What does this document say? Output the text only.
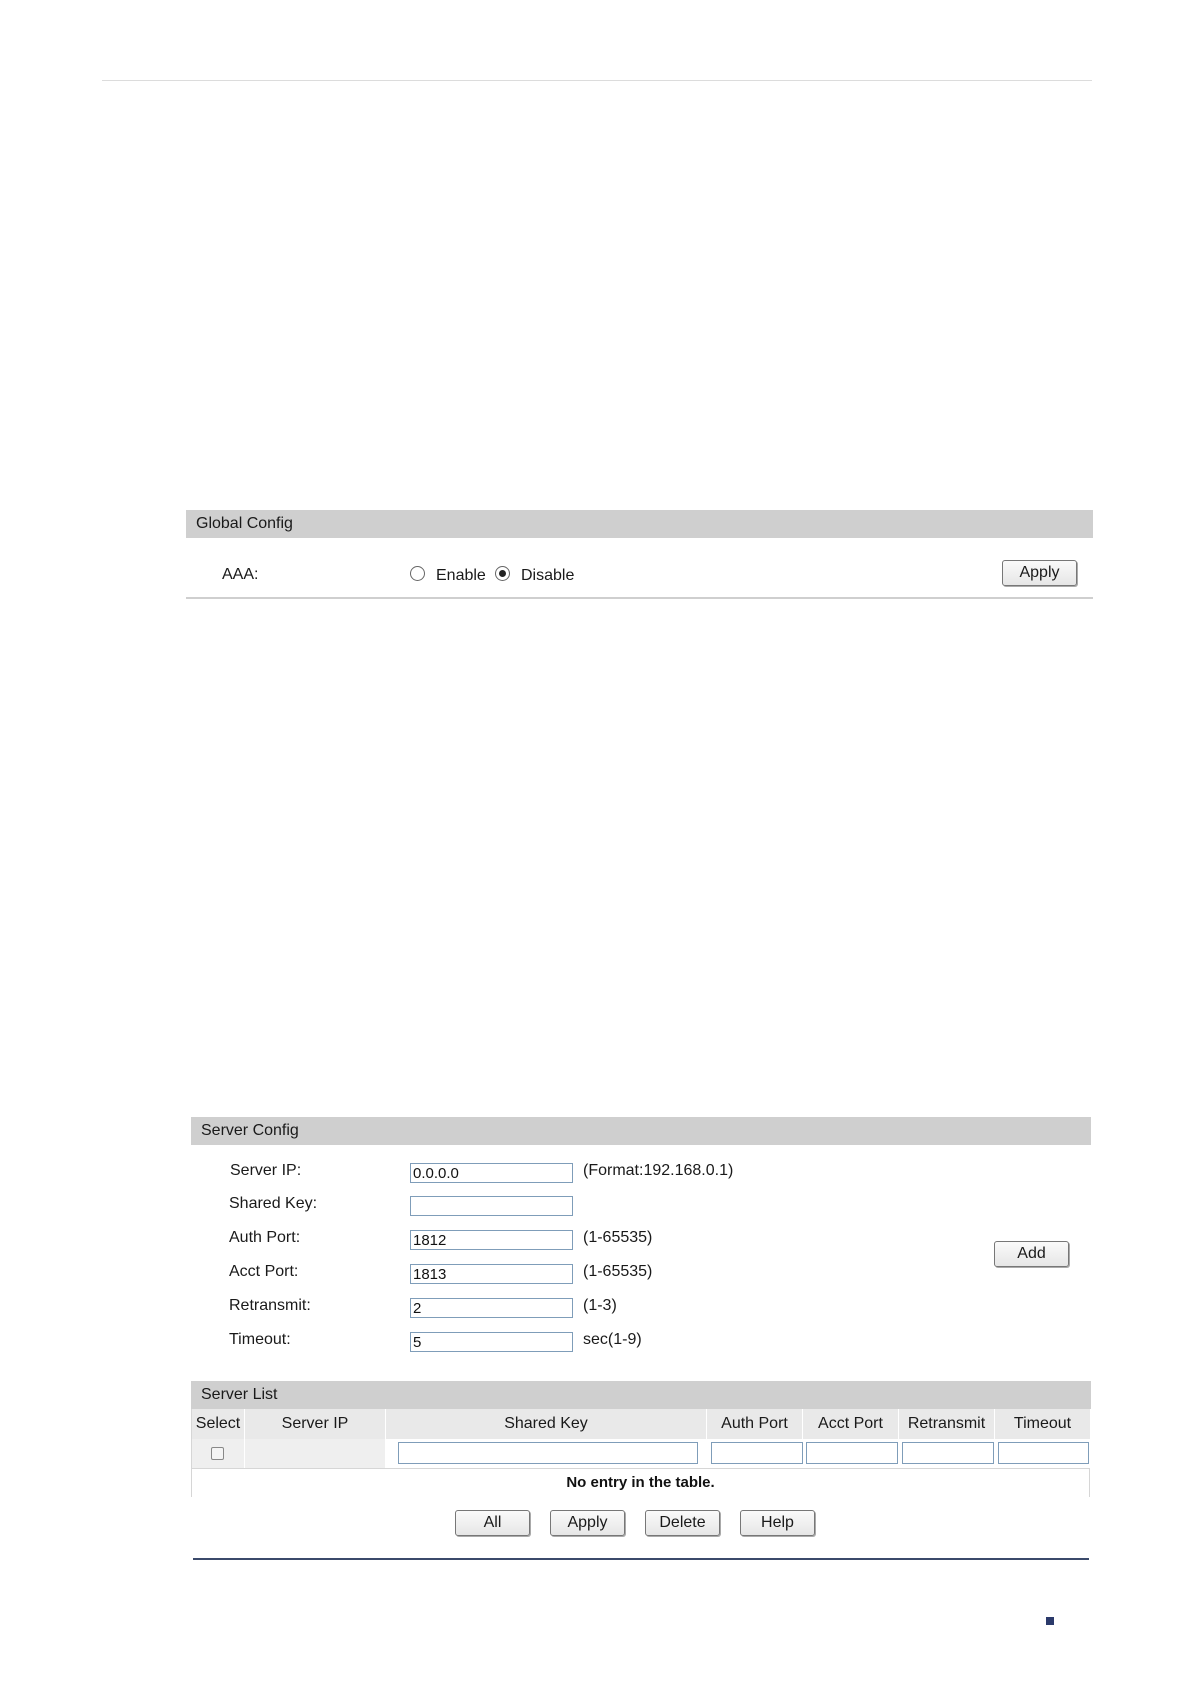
Global Config
AAA:	Enable Disable	Apply
Server Config
Server IP:
0.0.0.0	(Format:192.168.0.1)
Shared Key:
Auth Port:
1812	(1-65535)
Acct Port:
1813	(1-65535)
Retransmit:
2	(1-3)
Timeout:
5	sec(1-9)
Add
Server List
Select	Server IP	Shared Key	Auth Port	Acct Port	Retransmit	Timeout
No entry in the table.
All	Apply	Delete	Help
